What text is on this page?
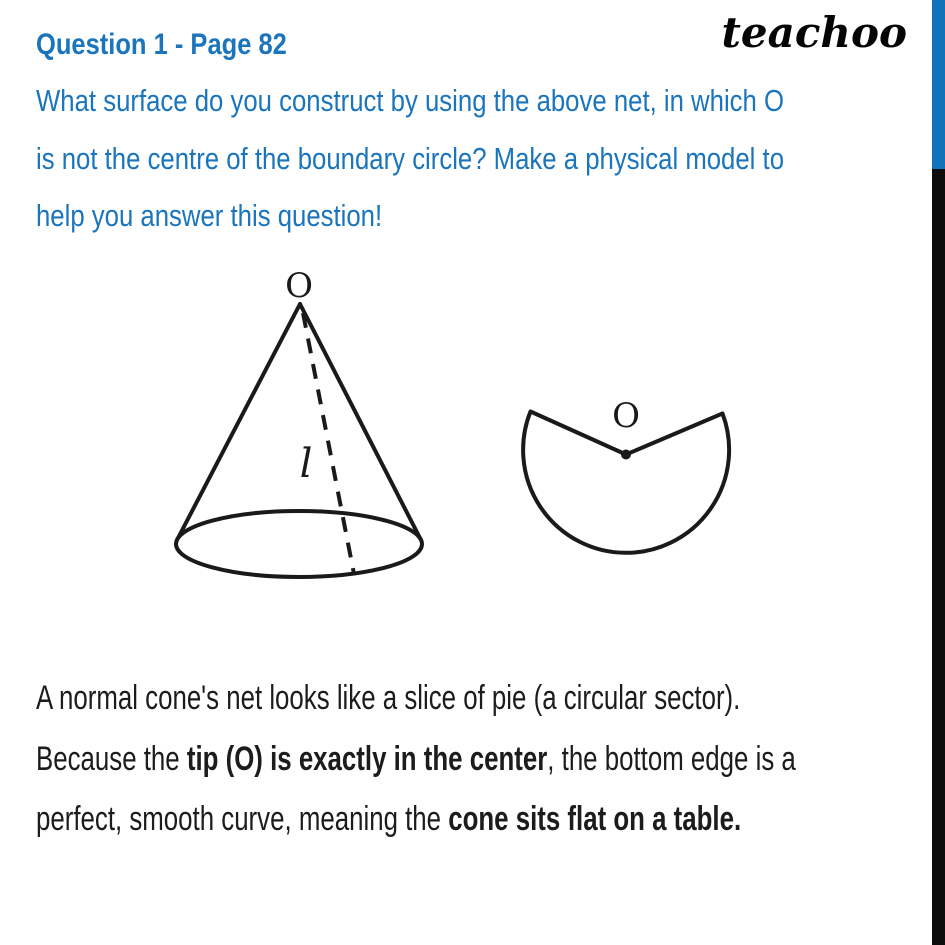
Question 1 - Page 82	teachoo
What surface do you construct by using the above net, in which O
is not the centre of the boundary circle? Make a physical model to
help you answer this question!
O
l
O
A normal cone's net looks like a slice of pie (a circular sector).
Because the tip (O) is exactly in the center, the bottom edge is a
perfect, smooth curve, meaning the cone sits flat on a table.
